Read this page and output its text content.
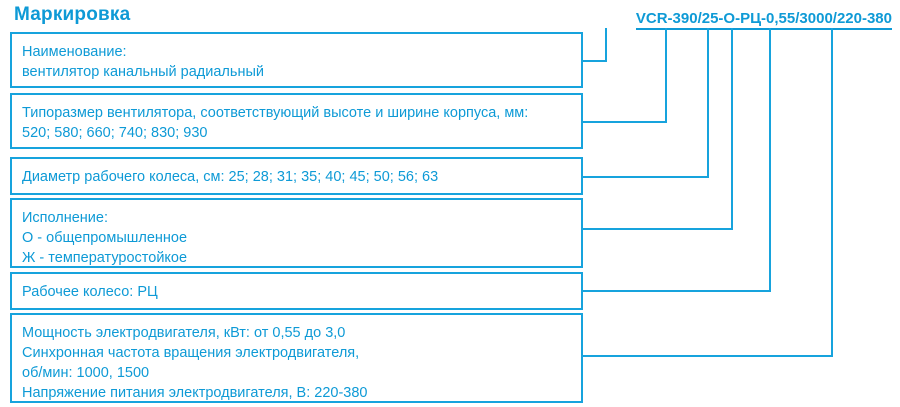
Маркировка	VCR-390/25-O-РЦ-0,55/3000/220-380
Наименование:
вентилятор канальный радиальный
Типоразмер вентилятора, соответствующий высоте и ширине корпуса, мм:
520; 580; 660; 740; 830; 930
Диаметр рабочего колеса, см: 25; 28; 31; 35; 40; 45; 50; 56; 63
Исполнение:
О - общепромышленное
Ж - температуростойкое
Рабочее колесо: РЦ
Мощность электродвигателя, кВт: от 0,55 до 3,0
Синхронная частота вращения электродвигателя,
об/мин: 1000, 1500
Напряжение питания электродвигателя, В: 220-380
